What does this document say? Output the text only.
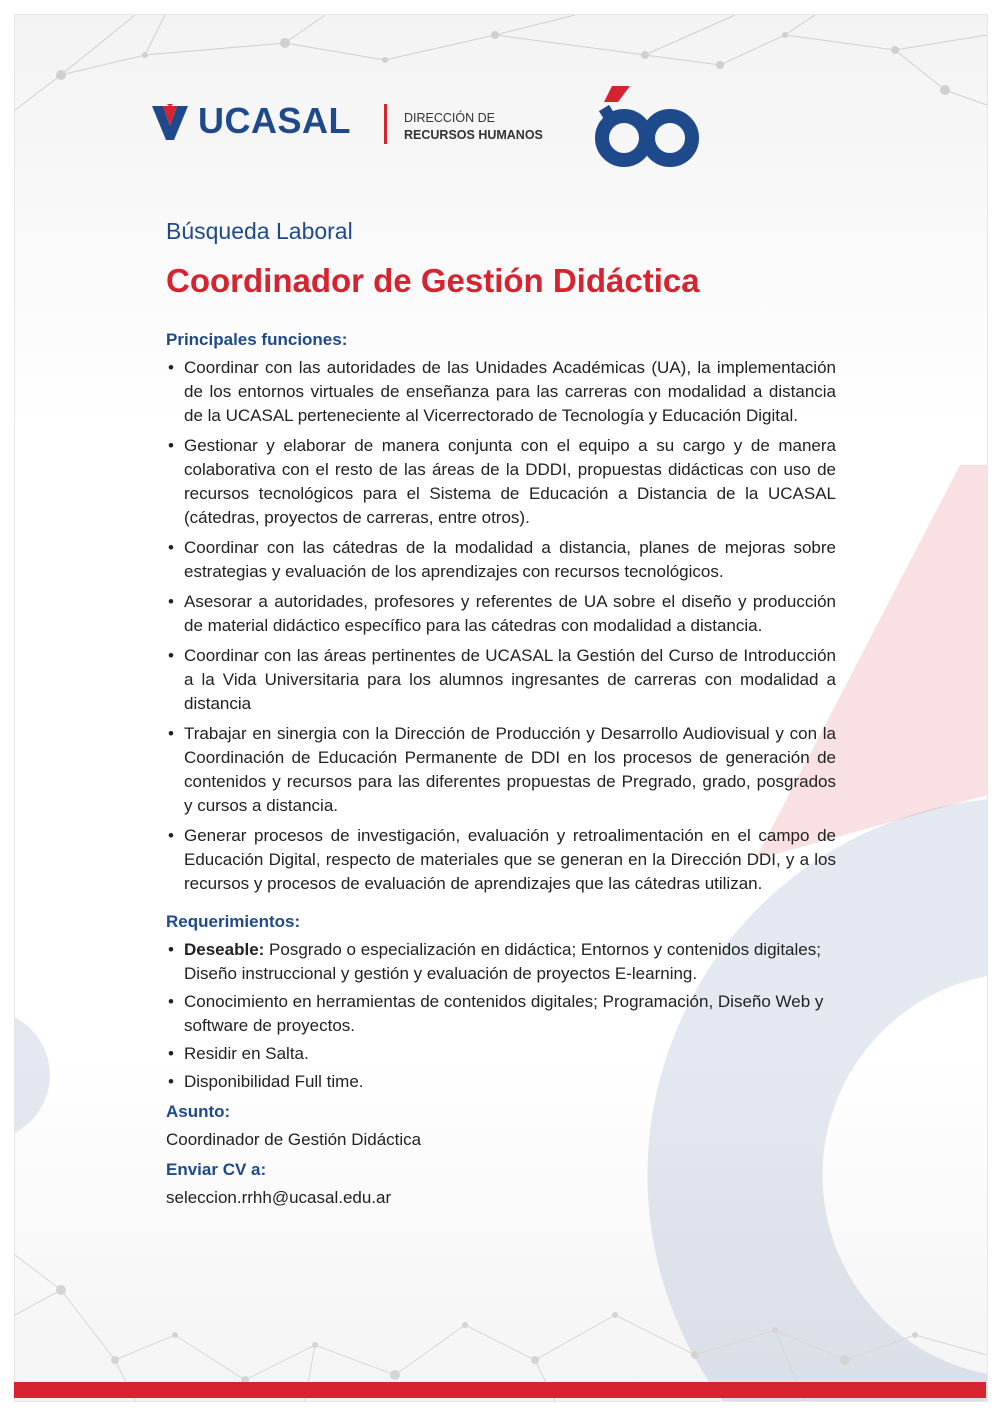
UCASAL	DIRECCIÓN DE
RECURSOS HUMANOS
Búsqueda Laboral
Coordinador de Gestión Didáctica
Principales funciones:
• Coordinar con las autoridades de las Unidades Académicas (UA), la implementación de los entornos virtuales de enseñanza para las carreras con modalidad a distancia de la UCASAL perteneciente al Vicerrectorado de Tecnología y Educación Digital.
• Gestionar y elaborar de manera conjunta con el equipo a su cargo y de manera colaborativa con el resto de las áreas de la DDDI, propuestas didácticas con uso de recursos tecnológicos para el Sistema de Educación a Distancia de la UCASAL (cátedras, proyectos de carreras, entre otros).
• Coordinar con las cátedras de la modalidad a distancia, planes de mejoras sobre estrategias y evaluación de los aprendizajes con recursos tecnológicos.
• Asesorar a autoridades, profesores y referentes de UA sobre el diseño y producción de material didáctico específico para las cátedras con modalidad a distancia.
• Coordinar con las áreas pertinentes de UCASAL la Gestión del Curso de Introducción a la Vida Universitaria para los alumnos ingresantes de carreras con modalidad a distancia
• Trabajar en sinergia con la Dirección de Producción y Desarrollo Audiovisual y con la Coordinación de Educación Permanente de DDI en los procesos de generación de contenidos y recursos para las diferentes propuestas de Pregrado, grado, posgrados y cursos a distancia.
• Generar procesos de investigación, evaluación y retroalimentación en el campo de Educación Digital, respecto de materiales que se generan en la Dirección DDI, y a los recursos y procesos de evaluación de aprendizajes que las cátedras utilizan.
Requerimientos:
• Deseable: Posgrado o especialización en didáctica; Entornos y contenidos digitales; Diseño instruccional y gestión y evaluación de proyectos E-learning.
• Conocimiento en herramientas de contenidos digitales; Programación, Diseño Web y software de proyectos.
• Residir en Salta.
• Disponibilidad Full time.
Asunto:
Coordinador de Gestión Didáctica
Enviar CV a:
seleccion.rrhh@ucasal.edu.ar
